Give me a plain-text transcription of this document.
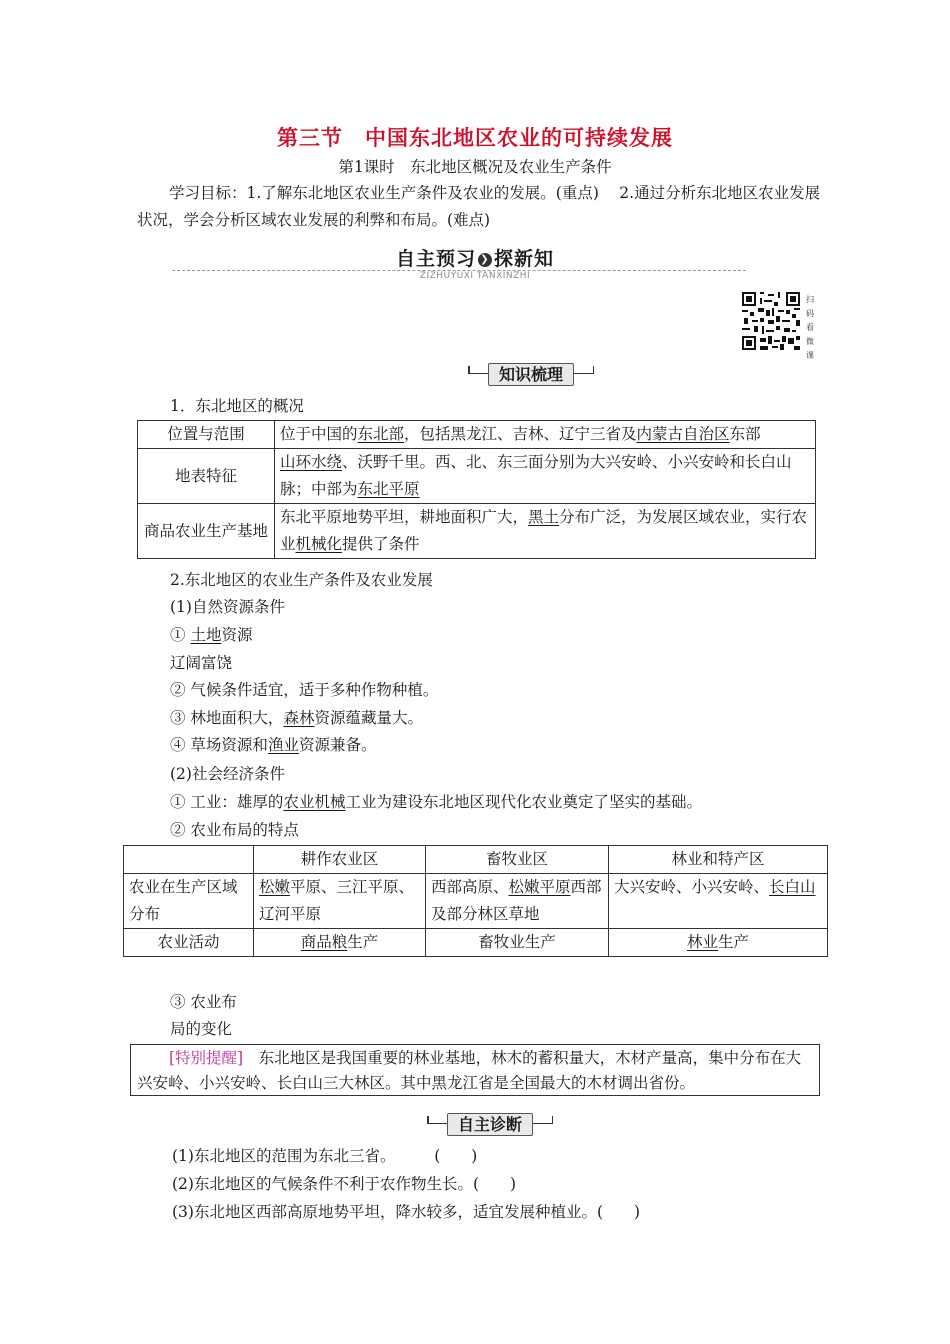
第三节　中国东北地区农业的可持续发展
第1课时　东北地区概况及农业生产条件
学习目标：1.了解东北地区农业生产条件及农业的发展。(重点)　 2.通过分析东北地区农业发展状况，学会分析区域农业发展的利弊和布局。(难点)
自主预习 ❯ 探新知
ZIZHUYUXI TANXINZHI
扫码看微课
知识梳理
1．东北地区的概况
位置与范围	位于中国的东北部，包括黑龙江、吉林、辽宁三省及内蒙古自治区东部
地表特征	山环水绕、沃野千里。西、北、东三面分别为大兴安岭、小兴安岭和长白山脉；中部为东北平原
商品农业生产基地	东北平原地势平坦，耕地面积广大，黑土分布广泛，为发展区域农业，实行农业机械化提供了条件
2.东北地区的农业生产条件及农业发展
(1)自然资源条件
① 土地资源
辽阔富饶
② 气候条件适宜，适于多种作物种植。
③ 林地面积大，森林资源蕴藏量大。
④ 草场资源和渔业资源兼备。
(2)社会经济条件
① 工业：雄厚的农业机械工业为建设东北地区现代化农业奠定了坚实的基础。
② 农业布局的特点
	耕作农业区	畜牧业区	林业和特产区
农业在生产区域分布	松嫩平原、三江平原、辽河平原	西部高原、松嫩平原西部及部分林区草地	大兴安岭、小兴安岭、长白山
农业活动	商品粮生产	畜牧业生产	林业生产
③ 农业布
局的变化
[特别提醒]　东北地区是我国重要的林业基地，林木的蓄积量大，木材产量高，集中分布在大兴安岭、小兴安岭、长白山三大林区。其中黑龙江省是全国最大的木材调出省份。
自主诊断
(1)东北地区的范围为东北三省。　　　(　　)
(2)东北地区的气候条件不利于农作物生长。(　　)
(3)东北地区西部高原地势平坦，降水较多，适宜发展种植业。(　　)
